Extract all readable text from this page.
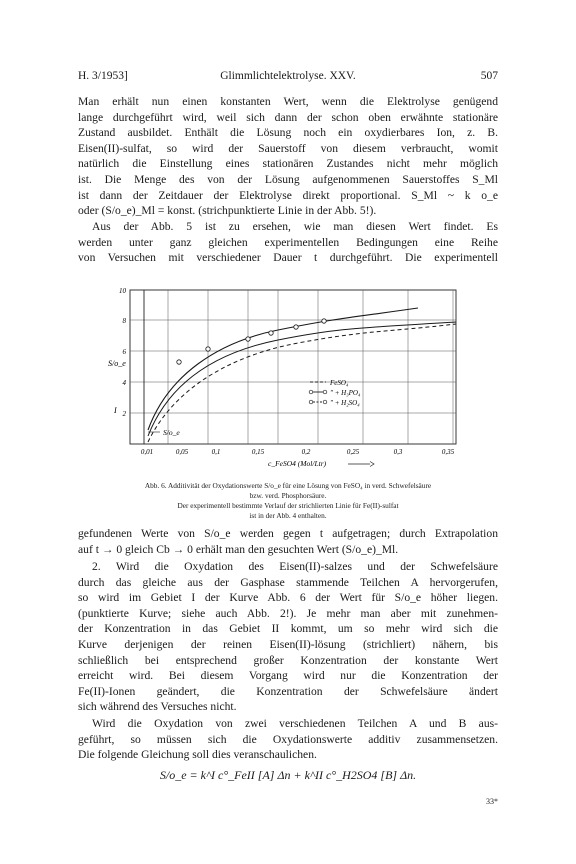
H. 3/1953]	Glimmlichtelektrolyse. XXV.	507
Man erhält nun einen konstanten Wert, wenn die Elektrolyse genügend
lange durchgeführt wird, weil sich dann der schon oben erwähnte stationäre
Zustand ausbildet. Enthält die Lösung noch ein oxydierbares Ion, z. B.
Eisen(II)-sulfat, so wird der Sauerstoff von diesem verbraucht, womit
natürlich die Einstellung eines stationären Zustandes nicht mehr möglich
ist. Die Menge des von der Lösung aufgenommenen Sauerstoffes S_Ml
ist dann der Zeitdauer der Elektrolyse direkt proportional. S_Ml ~ k o_e
oder (S/o_e)_Ml = konst. (strichpunktierte Linie in der Abb. 5!).
Aus der Abb. 5 ist zu ersehen, wie man diesen Wert findet. Es
werden unter ganz gleichen experimentellen Bedingungen eine Reihe
von Versuchen mit verschiedener Dauer t durchgeführt. Die experimentell
10
8
6
4
2
S/o_e
I
S/o_e
FeSO₄
" + H₃PO₄
" + H₂SO₄
0,01	0,05	0,1	0,15	0,2	0,25	0,3	0,35
c_FeSO4 (Mol/Ltr)
Abb. 6. Additivität der Oxydationswerte S/o_e für eine Lösung von FeSO₄ in verd. Schwefelsäure
bzw. verd. Phosphorsäure.
Der experimentell bestimmte Verlauf der strichlierten Linie für Fe(II)-sulfat
ist in der Abb. 4 enthalten.
gefundenen Werte von S/o_e werden gegen t aufgetragen; durch Extrapolation
auf t → 0 gleich Cb → 0 erhält man den gesuchten Wert (S/o_e)_Ml.
2. Wird die Oxydation des Eisen(II)-salzes und der Schwefelsäure
durch das gleiche aus der Gasphase stammende Teilchen A hervorgerufen,
so wird im Gebiet I der Kurve Abb. 6 der Wert für S/o_e höher liegen.
(punktierte Kurve; siehe auch Abb. 2!). Je mehr man aber mit zunehmen-
der Konzentration in das Gebiet II kommt, um so mehr wird sich die
Kurve derjenigen der reinen Eisen(II)-lösung (strichliert) nähern, bis
schließlich bei entsprechend großer Konzentration der konstante Wert
erreicht wird. Bei diesem Vorgang wird nur die Konzentration der
Fe(II)-Ionen geändert, die Konzentration der Schwefelsäure ändert
sich während des Versuches nicht.
Wird die Oxydation von zwei verschiedenen Teilchen A und B aus-
geführt, so müssen sich die Oxydationswerte additiv zusammensetzen.
Die folgende Gleichung soll dies veranschaulichen.
S/o_e = k^I c°_FeII [A] Δn + k^II c°_H2SO4 [B] Δn.
33*
